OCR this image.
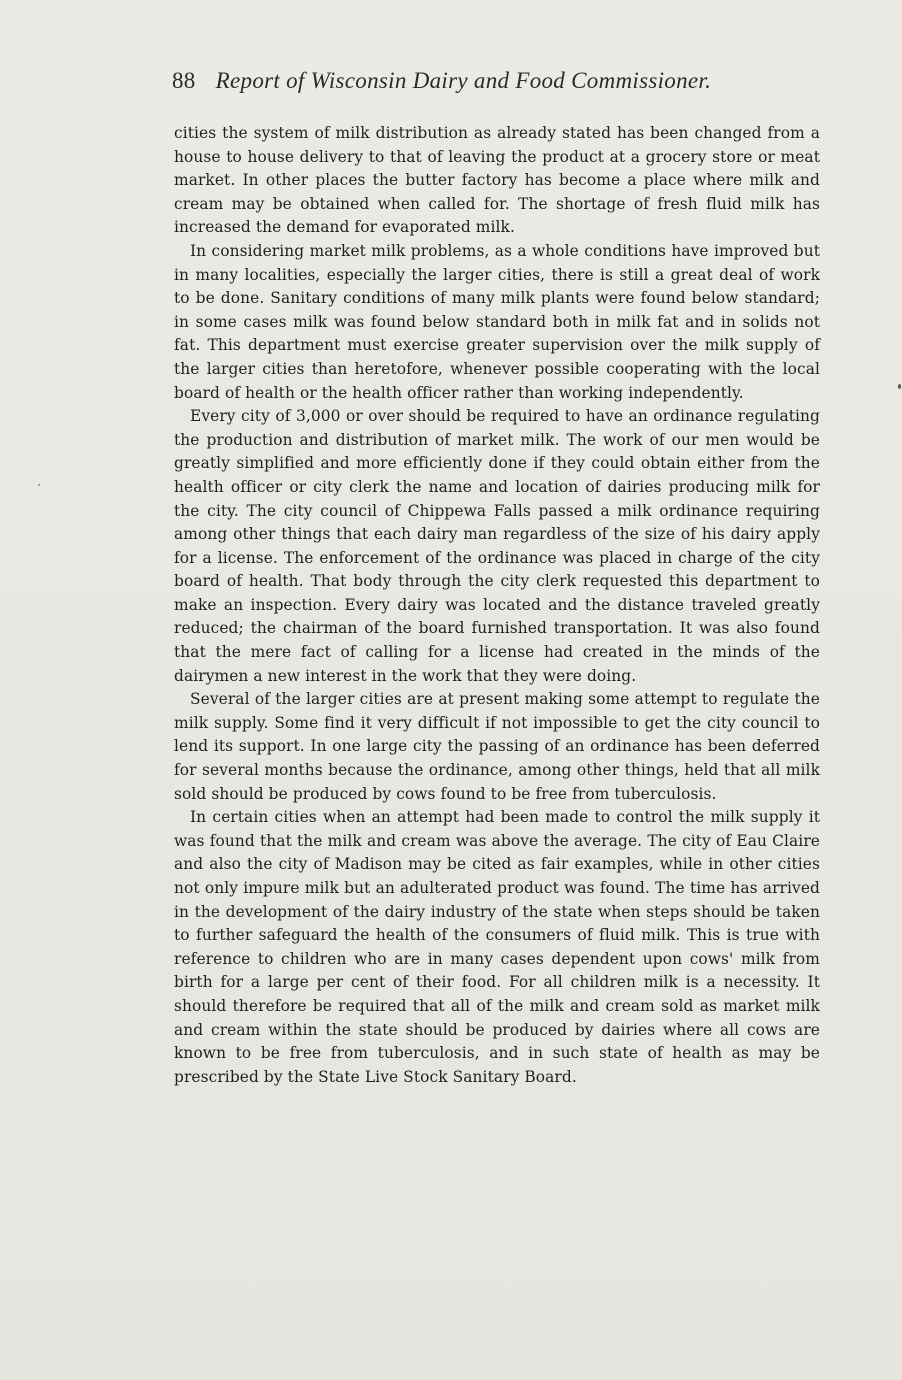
88 Report of Wisconsin Dairy and Food Commissioner.

cities the system of milk distribution as already stated has been changed from a house to house delivery to that of leaving the product at a grocery store or meat market. In other places the butter factory has become a place where milk and cream may be obtained when called for. The shortage of fresh fluid milk has increased the demand for evaporated milk.

In considering market milk problems, as a whole conditions have improved but in many localities, especially the larger cities, there is still a great deal of work to be done. Sanitary conditions of many milk plants were found below standard; in some cases milk was found below standard both in milk fat and in solids not fat. This department must exercise greater supervision over the milk supply of the larger cities than heretofore, whenever possible cooperating with the local board of health or the health officer rather than working independently.

Every city of 3,000 or over should be required to have an ordinance regulating the production and distribution of market milk. The work of our men would be greatly simplified and more efficiently done if they could obtain either from the health officer or city clerk the name and location of dairies producing milk for the city. The city council of Chippewa Falls passed a milk ordinance requiring among other things that each dairy man regardless of the size of his dairy apply for a license. The enforcement of the ordinance was placed in charge of the city board of health. That body through the city clerk requested this department to make an inspection. Every dairy was located and the distance traveled greatly reduced; the chairman of the board furnished transportation. It was also found that the mere fact of calling for a license had created in the minds of the dairymen a new interest in the work that they were doing.

Several of the larger cities are at present making some attempt to regulate the milk supply. Some find it very difficult if not impossible to get the city council to lend its support. In one large city the passing of an ordinance has been deferred for several months because the ordinance, among other things, held that all milk sold should be produced by cows found to be free from tuberculosis.

In certain cities when an attempt had been made to control the milk supply it was found that the milk and cream was above the average. The city of Eau Claire and also the city of Madison may be cited as fair examples, while in other cities not only impure milk but an adulterated product was found. The time has arrived in the development of the dairy industry of the state when steps should be taken to further safeguard the health of the consumers of fluid milk. This is true with reference to children who are in many cases dependent upon cows' milk from birth for a large per cent of their food. For all children milk is a necessity. It should therefore be required that all of the milk and cream sold as market milk and cream within the state should be produced by dairies where all cows are known to be free from tuberculosis, and in such state of health as may be prescribed by the State Live Stock Sanitary Board.
